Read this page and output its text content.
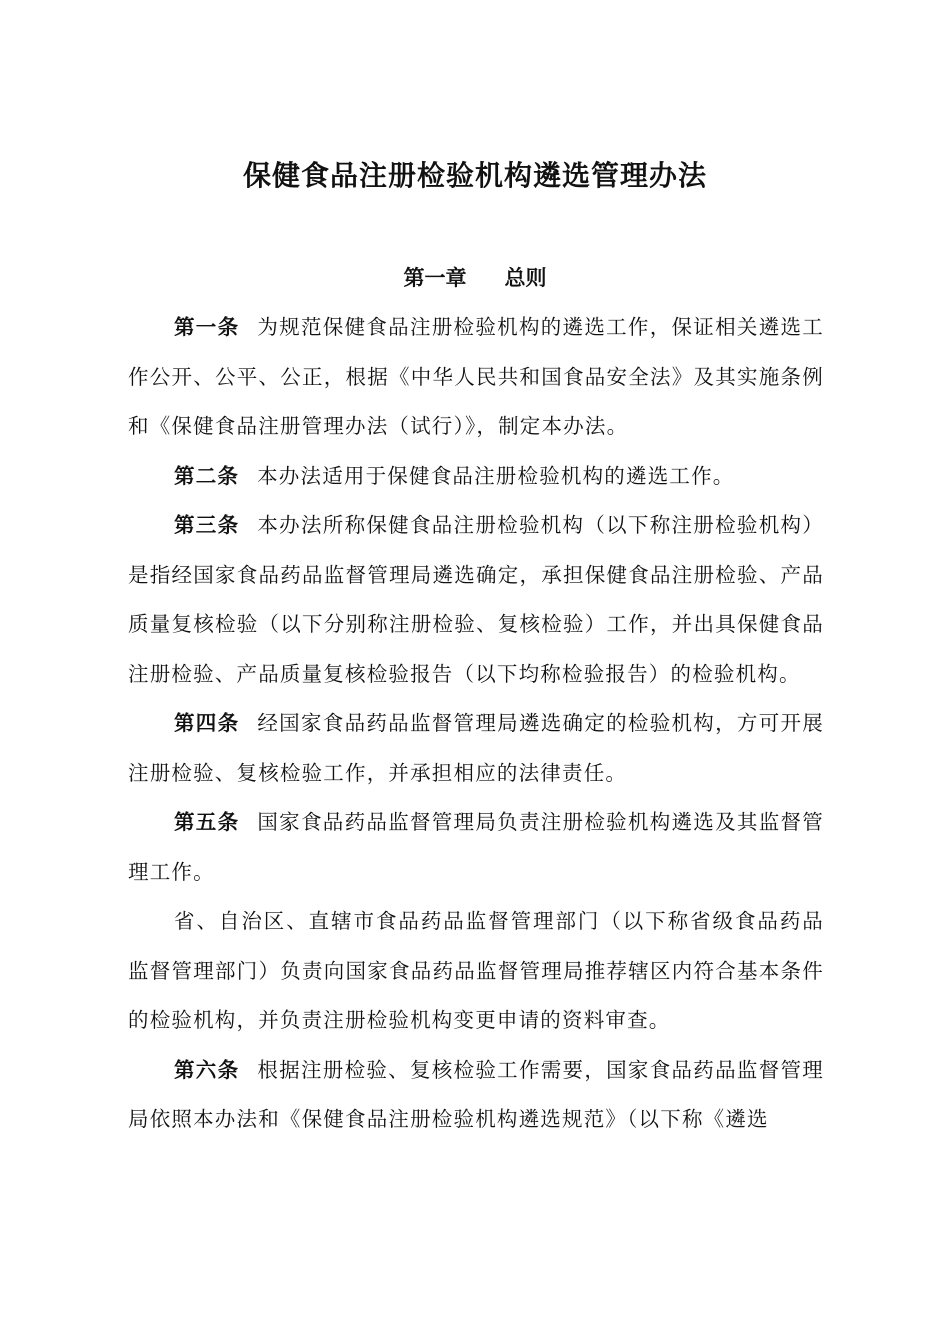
保健食品注册检验机构遴选管理办法
第一章 总则

第一条 为规范保健食品注册检验机构的遴选工作，保证相关遴选工作公开、公平、公正，根据《中华人民共和国食品安全法》及其实施条例和《保健食品注册管理办法（试行）》，制定本办法。

第二条 本办法适用于保健食品注册检验机构的遴选工作。

第三条 本办法所称保健食品注册检验机构（以下称注册检验机构）是指经国家食品药品监督管理局遴选确定，承担保健食品注册检验、产品质量复核检验（以下分别称注册检验、复核检验）工作，并出具保健食品注册检验、产品质量复核检验报告（以下均称检验报告）的检验机构。

第四条 经国家食品药品监督管理局遴选确定的检验机构，方可开展注册检验、复核检验工作，并承担相应的法律责任。

第五条 国家食品药品监督管理局负责注册检验机构遴选及其监督管理工作。

省、自治区、直辖市食品药品监督管理部门（以下称省级食品药品监督管理部门）负责向国家食品药品监督管理局推荐辖区内符合基本条件的检验机构，并负责注册检验机构变更申请的资料审查。

第六条 根据注册检验、复核检验工作需要，国家食品药品监督管理局依照本办法和《保健食品注册检验机构遴选规范》（以下称《遴选
